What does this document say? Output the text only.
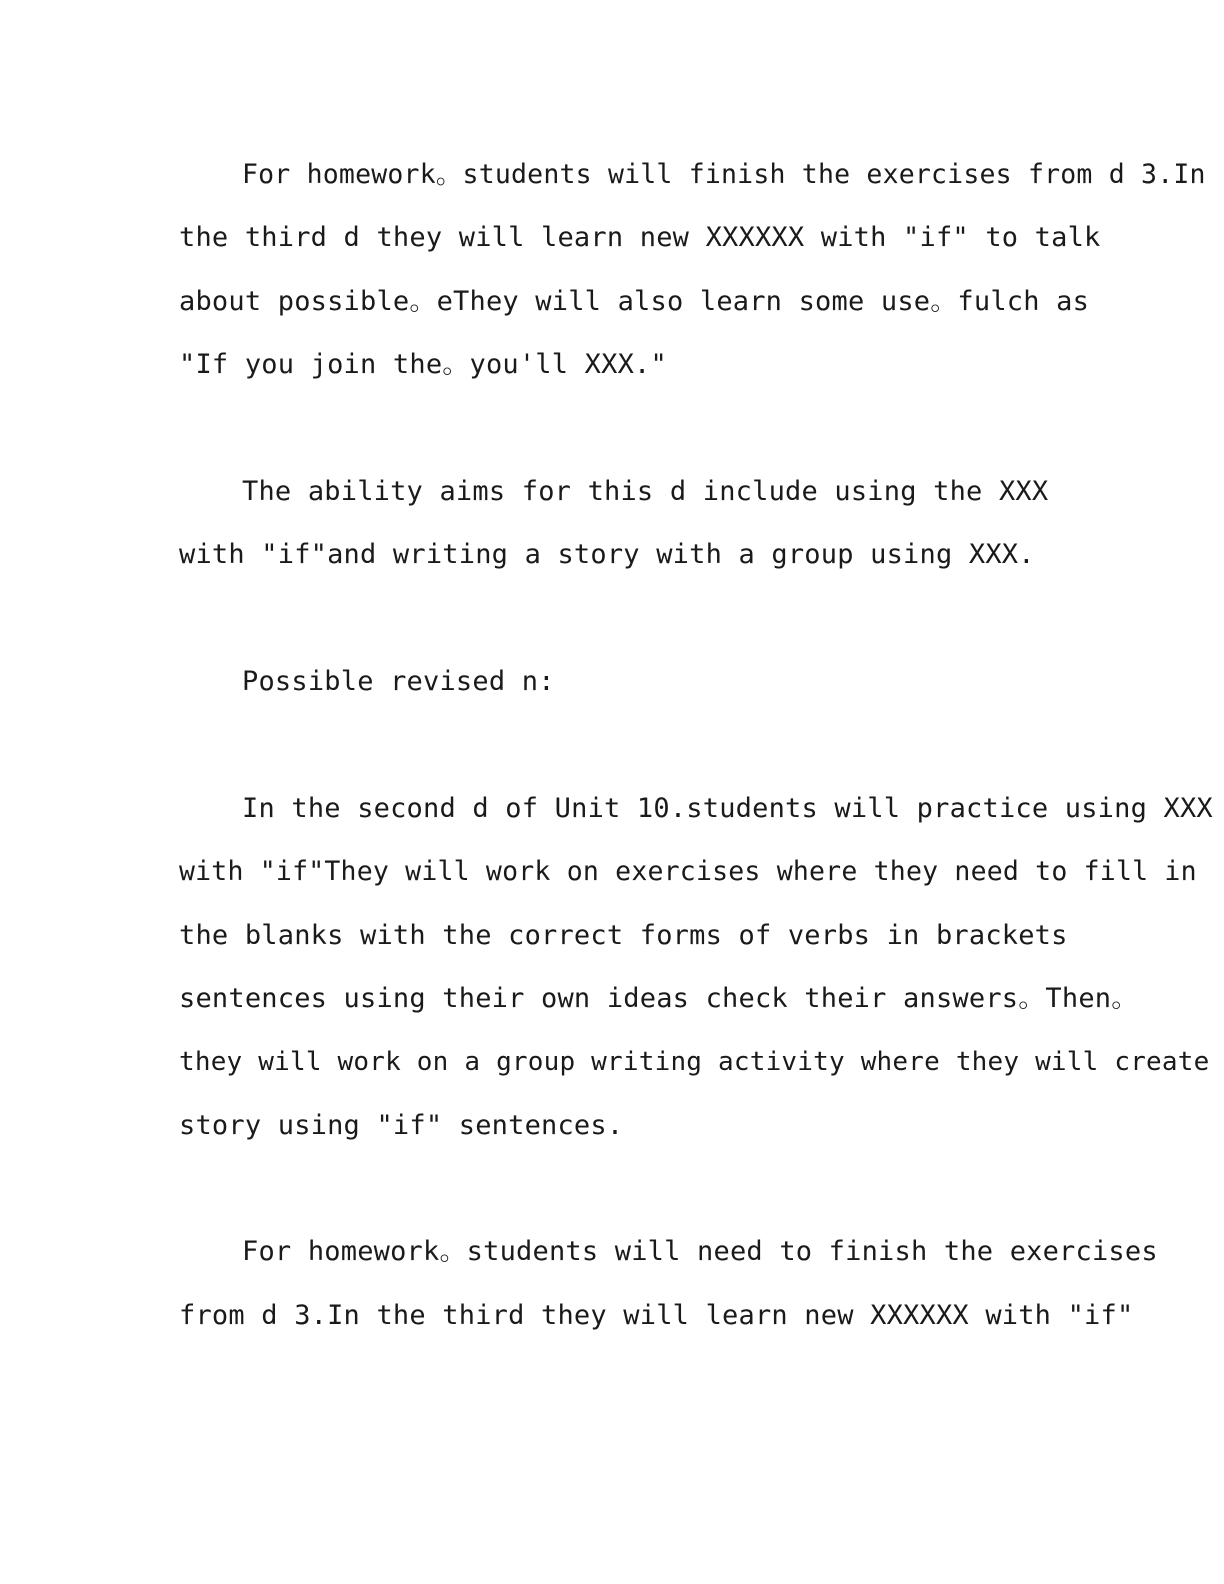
For homework。students will finish the exercises from d 3.In
the third d they will learn new XXXXXX with "if" to talk
about possible。eThey will also learn some use。fulch as
"If you join the。you'll XXX."
The ability aims for this d include using the XXX
with "if"and writing a story with a group using XXX.
Possible revised n:
In the second d of Unit 10.students will practice using XXX
with "if"They will work on exercises where they need to fill in
the blanks with the correct forms of verbs in brackets
sentences using their own ideas check their answers。Then。
they will work on a group writing activity where they will create
story using "if" sentences.
For homework。students will need to finish the exercises
from d 3.In the third they will learn new XXXXXX with "if"
